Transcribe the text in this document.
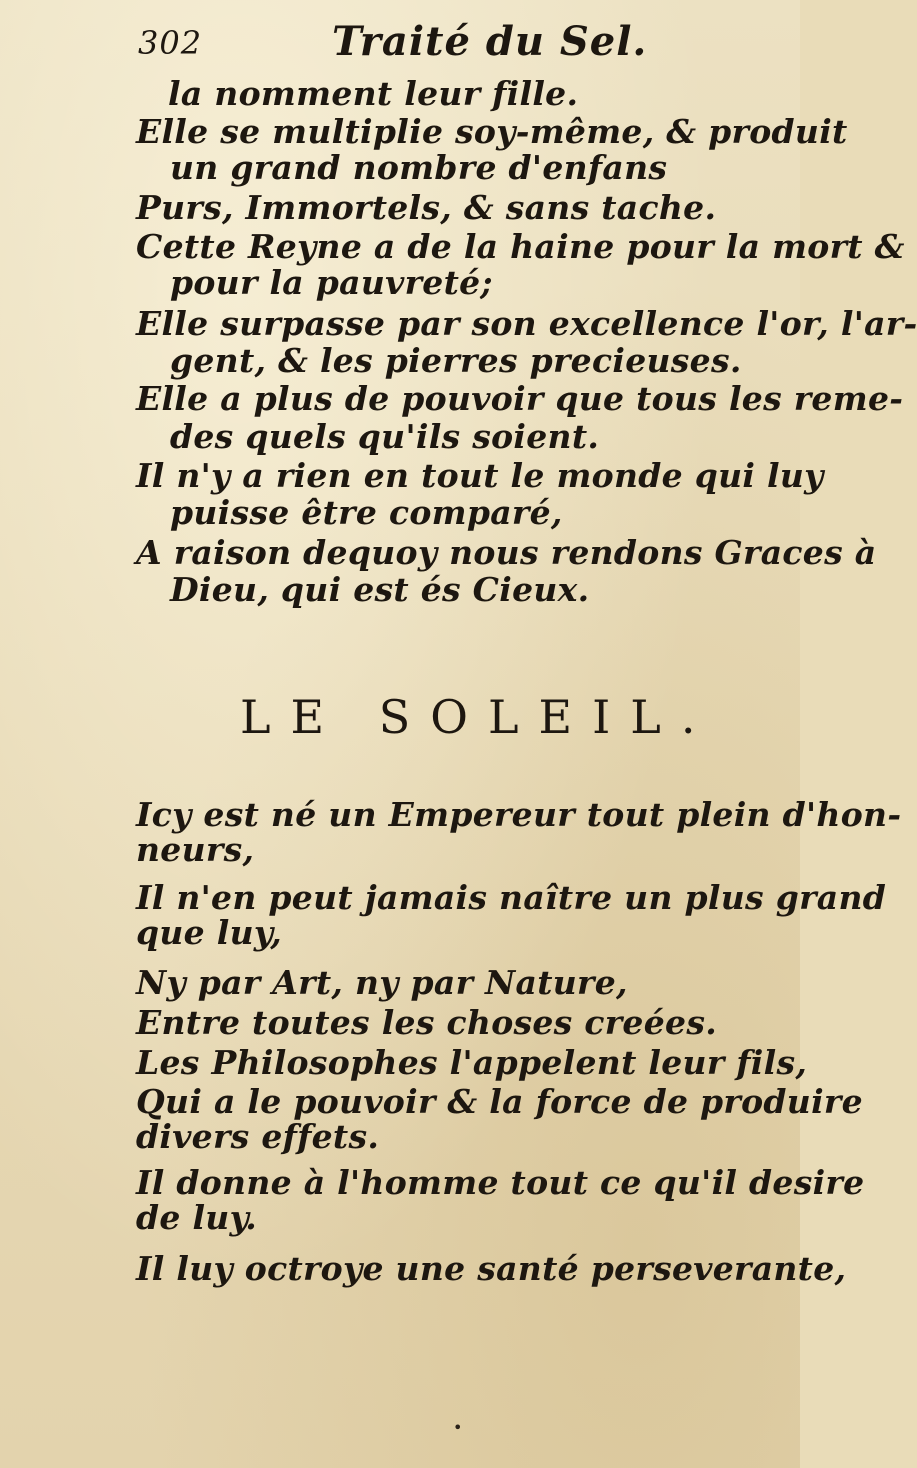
302	Traité du Sel.
la nomment leur fille.
Elle se multiplie soy-même, & produit
un grand nombre d'enfans
Purs, Immortels, & sans tache.
Cette Reyne a de la haine pour la mort &
pour la pauvreté;
Elle surpasse par son excellence l'or, l'ar-
gent, & les pierres precieuses.
Elle a plus de pouvoir que tous les reme-
des quels qu'ils soient.
Il n'y a rien en tout le monde qui luy
puisse être comparé,
A raison dequoy nous rendons Graces à
Dieu, qui est és Cieux.
LE SOLEIL.
Icy est né un Empereur tout plein d'hon-
neurs,
Il n'en peut jamais naître un plus grand
que luy,
Ny par Art, ny par Nature,
Entre toutes les choses creées.
Les Philosophes l'appelent leur fils,
Qui a le pouvoir & la force de produire
divers effets.
Il donne à l'homme tout ce qu'il desire
de luy.
Il luy octroye une santé perseverante,
•
